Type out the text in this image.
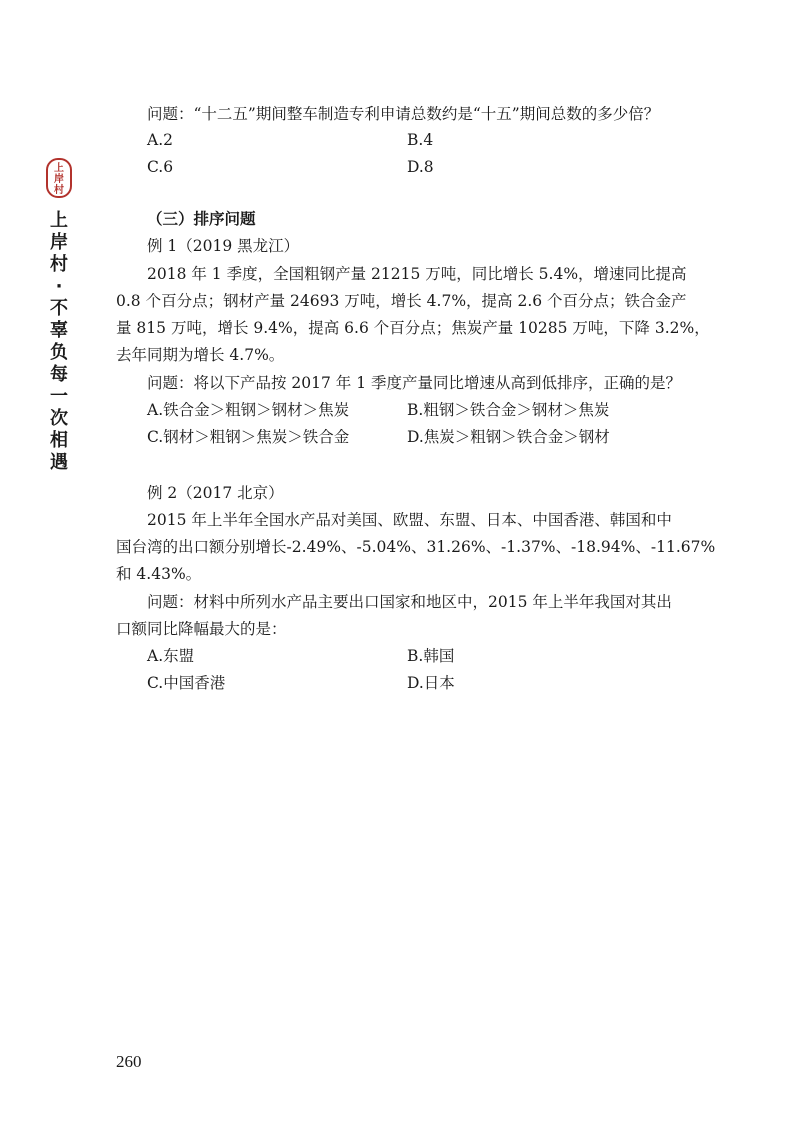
上
岸
村
上岸村·不辜负每一次相遇
问题：“十二五”期间整车制造专利申请总数约是“十五”期间总数的多少倍？
A.2	B.4
C.6	D.8
（三）排序问题
例 1（2019 黑龙江）
2018 年 1 季度，全国粗钢产量 21215 万吨，同比增长 5.4%，增速同比提高
0.8 个百分点；钢材产量 24693 万吨，增长 4.7%，提高 2.6 个百分点；铁合金产
量 815 万吨，增长 9.4%，提高 6.6 个百分点；焦炭产量 10285 万吨，下降 3.2%，
去年同期为增长 4.7%。
问题：将以下产品按 2017 年 1 季度产量同比增速从高到低排序，正确的是？
A.铁合金＞粗钢＞钢材＞焦炭	B.粗钢＞铁合金＞钢材＞焦炭
C.钢材＞粗钢＞焦炭＞铁合金	D.焦炭＞粗钢＞铁合金＞钢材
例 2（2017 北京）
2015 年上半年全国水产品对美国、欧盟、东盟、日本、中国香港、韩国和中
国台湾的出口额分别增长-2.49%、-5.04%、31.26%、-1.37%、-18.94%、-11.67%
和 4.43%。
问题：材料中所列水产品主要出口国家和地区中，2015 年上半年我国对其出
口额同比降幅最大的是：
A.东盟	B.韩国
C.中国香港	D.日本
260
